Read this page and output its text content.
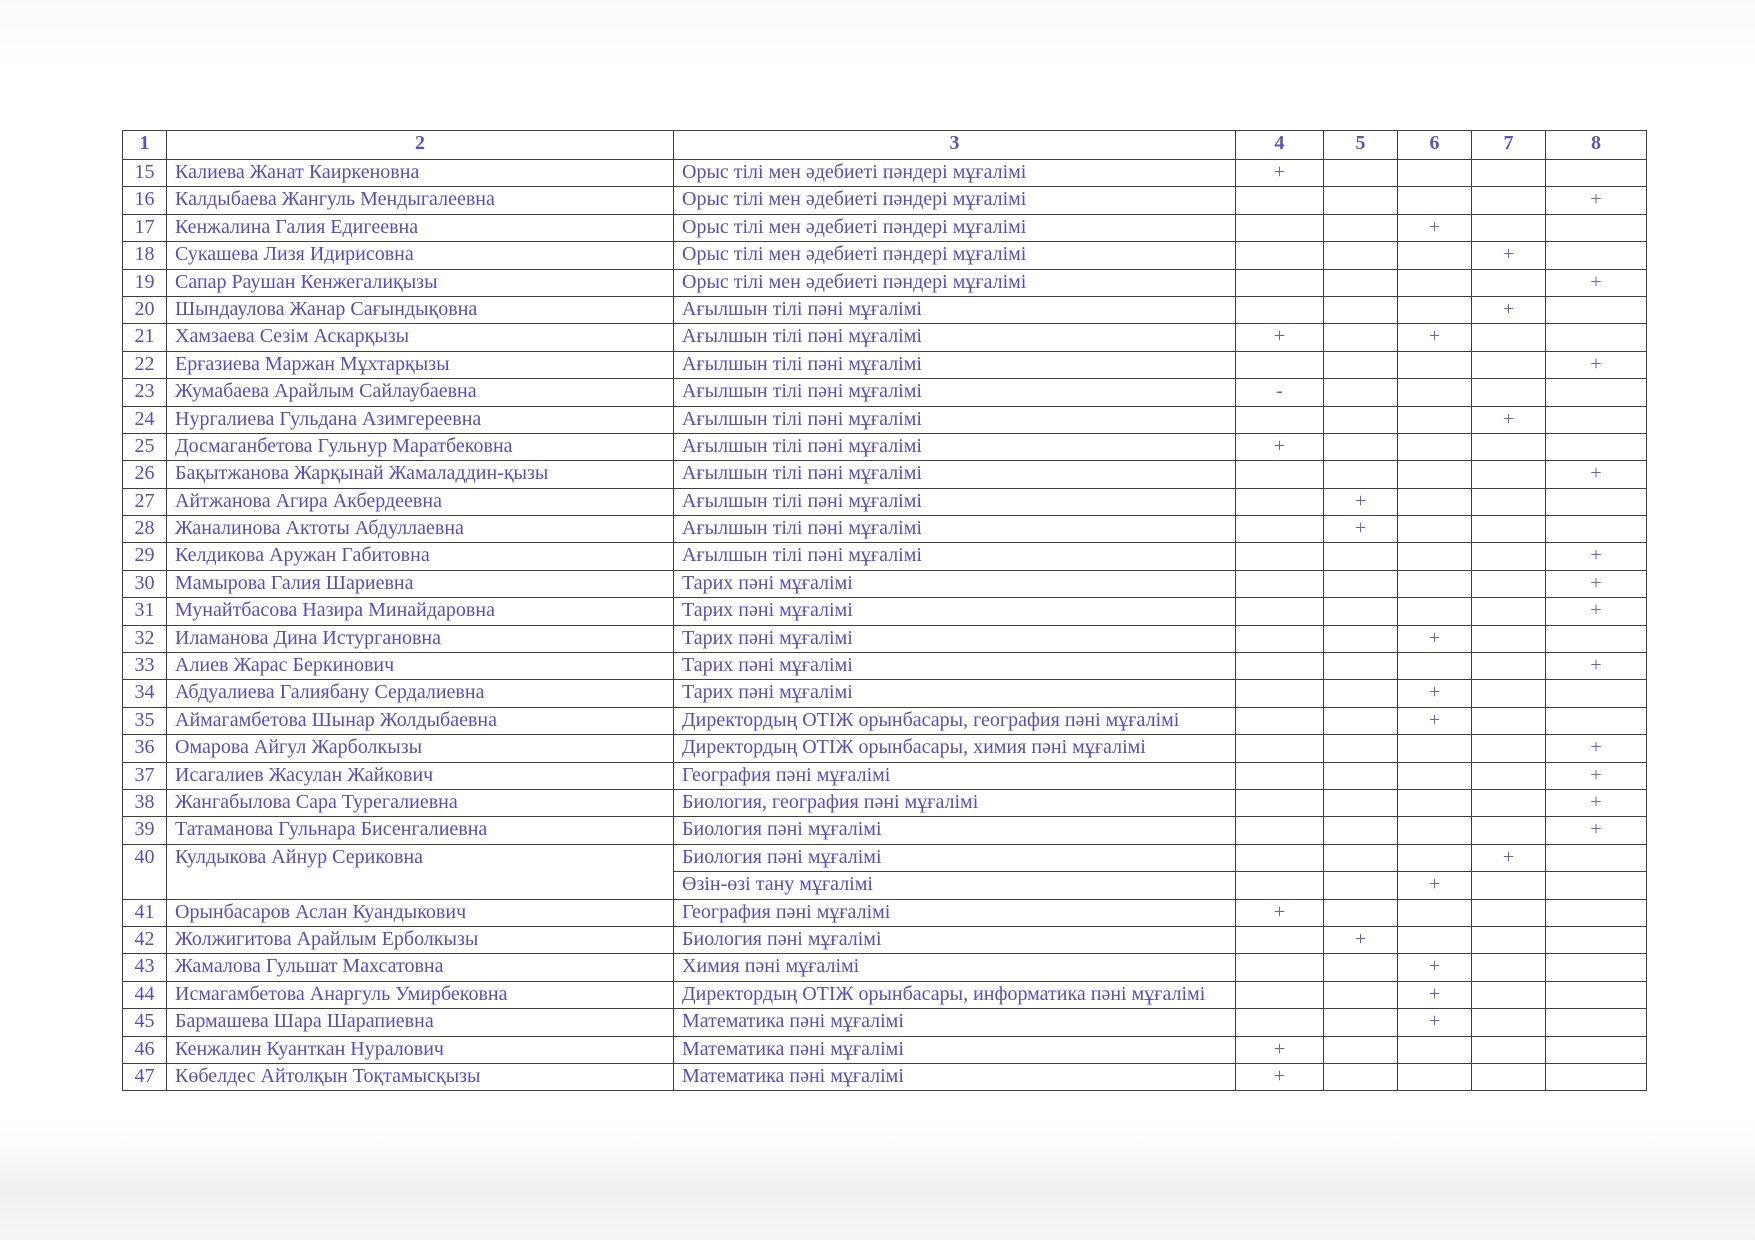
1	2	3	4	5	6	7	8
15	Калиева Жанат Каиркеновна	Орыс тілі мен әдебиеті пәндері мұғалімі	+				
16	Калдыбаева Жангуль Мендыгалеевна	Орыс тілі мен әдебиеті пәндері мұғалімі					+
17	Кенжалина Галия Едигеевна	Орыс тілі мен әдебиеті пәндері мұғалімі			+		
18	Сукашева Лизя Идирисовна	Орыс тілі мен әдебиеті пәндері мұғалімі				+	
19	Сапар Раушан Кенжегалиқызы	Орыс тілі мен әдебиеті пәндері мұғалімі					+
20	Шындаулова Жанар Сағындықовна	Ағылшын тілі пәні мұғалімі				+	
21	Хамзаева Сезім Аскарқызы	Ағылшын тілі пәні мұғалімі	+		+		
22	Ерғазиева Маржан Мұхтарқызы	Ағылшын тілі пәні мұғалімі					+
23	Жумабаева Арайлым Сайлаубаевна	Ағылшын тілі пәні мұғалімі	-				
24	Нургалиева Гульдана Азимгереевна	Ағылшын тілі пәні мұғалімі				+	
25	Досмаганбетова Гульнур Маратбековна	Ағылшын тілі пәні мұғалімі	+				
26	Бақытжанова Жарқынай Жамаладдин-қызы	Ағылшын тілі пәні мұғалімі					+
27	Айтжанова Агира Акбердеевна	Ағылшын тілі пәні мұғалімі		+			
28	Жаналинова Актоты Абдуллаевна	Ағылшын тілі пәні мұғалімі		+			
29	Келдикова Аружан Габитовна	Ағылшын тілі пәні мұғалімі					+
30	Мамырова Галия Шариевна	Тарих пәні мұғалімі					+
31	Мунайтбасова Назира Минайдаровна	Тарих пәні мұғалімі					+
32	Иламанова Дина Истургановна	Тарих пәні мұғалімі			+		
33	Алиев Жарас Беркинович	Тарих пәні мұғалімі					+
34	Абдуалиева Галиябану Сердалиевна	Тарих пәні мұғалімі			+		
35	Аймагамбетова Шынар Жолдыбаевна	Директордың ОТІЖ орынбасары, география пәні мұғалімі			+		
36	Омарова Айгул Жарболкызы	Директордың ОТІЖ орынбасары, химия пәні мұғалімі					+
37	Исагалиев Жасулан Жайкович	География пәні мұғалімі					+
38	Жангабылова Сара Турегалиевна	Биология, география пәні мұғалімі					+
39	Татаманова Гульнара Бисенгалиевна	Биология пәні мұғалімі					+
40	Кулдыкова Айнур Сериковна	Биология пәні мұғалімі				+	
		Өзін-өзі тану мұғалімі			+		
41	Орынбасаров Аслан Куандыкович	География пәні мұғалімі	+				
42	Жолжигитова Арайлым Ерболкызы	Биология пәні мұғалімі		+			
43	Жамалова Гульшат Махсатовна	Химия пәні мұғалімі			+		
44	Исмагамбетова Анаргуль Умирбековна	Директордың ОТІЖ орынбасары, информатика пәні мұғалімі			+		
45	Бармашева Шара Шарапиевна	Математика пәні мұғалімі			+		
46	Кенжалин Куанткан Нуралович	Математика пәні мұғалімі	+				
47	Көбелдес Айтолқын Тоқтамысқызы	Математика пәні мұғалімі	+				
